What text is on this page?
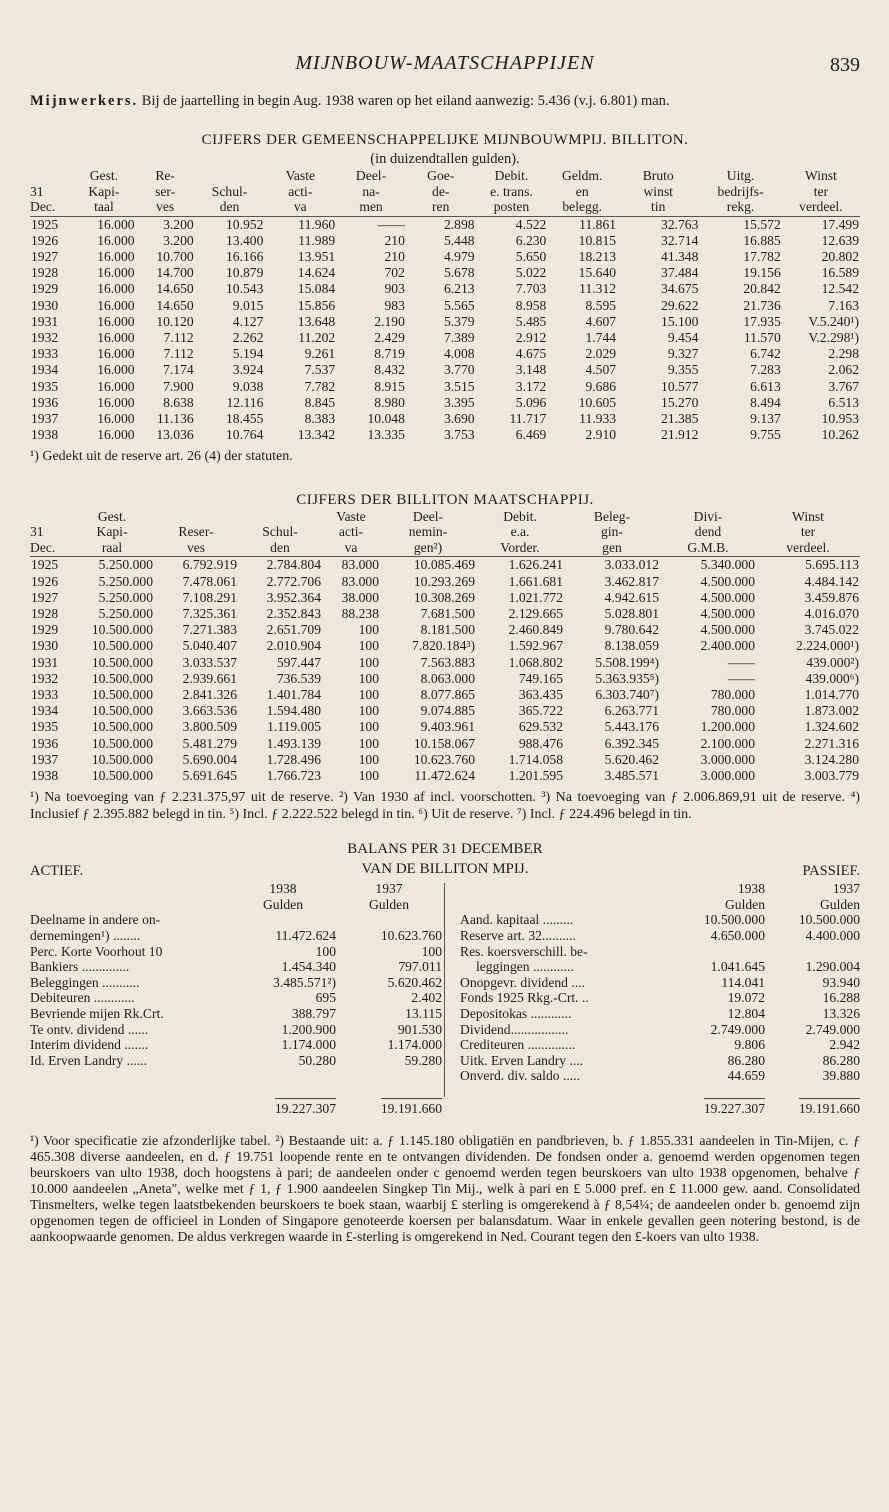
MIJNBOUW-MAATSCHAPPIJEN	839

Mijnwerkers. Bij de jaartelling in begin Aug. 1938 waren op het eiland aanwezig: 5.436 (v.j. 6.801) man.

CIJFERS DER GEMEENSCHAPPELIJKE MIJNBOUWMPIJ. BILLITON.
(in duizendtallen gulden).
	Gest.	Re-		Vaste	Deel-	Goe-	Debit.	Geldm.	Bruto	Uitg.	Winst
31	Kapi-	ser-	Schul-	acti-	na-	de-	e. trans.	en	winst	bedrijfs-	ter
Dec.	taal	ves	den	va	men	ren	posten	belegg.	tin	rekg.	verdeel.
1925	16.000	3.200	10.952	11.960	——	2.898	4.522	11.861	32.763	15.572	17.499
1926	16.000	3.200	13.400	11.989	210	5.448	6.230	10.815	32.714	16.885	12.639
1927	16.000	10.700	16.166	13.951	210	4.979	5.650	18.213	41.348	17.782	20.802
1928	16.000	14.700	10.879	14.624	702	5.678	5.022	15.640	37.484	19.156	16.589
1929	16.000	14.650	10.543	15.084	903	6.213	7.703	11.312	34.675	20.842	12.542
1930	16.000	14.650	9.015	15.856	983	5.565	8.958	8.595	29.622	21.736	7.163
1931	16.000	10.120	4.127	13.648	2.190	5.379	5.485	4.607	15.100	17.935	V.5.240¹)
1932	16.000	7.112	2.262	11.202	2.429	7.389	2.912	1.744	9.454	11.570	V.2.298¹)
1933	16.000	7.112	5.194	9.261	8.719	4.008	4.675	2.029	9.327	6.742	2.298
1934	16.000	7.174	3.924	7.537	8.432	3.770	3.148	4.507	9.355	7.283	2.062
1935	16.000	7.900	9.038	7.782	8.915	3.515	3.172	9.686	10.577	6.613	3.767
1936	16.000	8.638	12.116	8.845	8.980	3.395	5.096	10.605	15.270	8.494	6.513
1937	16.000	11.136	18.455	8.383	10.048	3.690	11.717	11.933	21.385	9.137	10.953
1938	16.000	13.036	10.764	13.342	13.335	3.753	6.469	2.910	21.912	9.755	10.262
¹) Gedekt uit de reserve art. 26 (4) der statuten.
CIJFERS DER BILLITON MAATSCHAPPIJ.
	Gest.			Vaste	Deel-	Debit.	Beleg-	Divi-	Winst
31	Kapi-	Reser-	Schul-	acti-	nemin-	e.a.	gin-	dend	ter
Dec.	raal	ves	den	va	gen²)	Vorder.	gen	G.M.B.	verdeel.
1925	5.250.000	6.792.919	2.784.804	83.000	10.085.469	1.626.241	3.033.012	5.340.000	5.695.113
1926	5.250.000	7.478.061	2.772.706	83.000	10.293.269	1.661.681	3.462.817	4.500.000	4.484.142
1927	5.250.000	7.108.291	3.952.364	38.000	10.308.269	1.021.772	4.942.615	4.500.000	3.459.876
1928	5.250.000	7.325.361	2.352.843	88.238	7.681.500	2.129.665	5.028.801	4.500.000	4.016.070
1929	10.500.000	7.271.383	2.651.709	100	8.181.500	2.460.849	9.780.642	4.500.000	3.745.022
1930	10.500.000	5.040.407	2.010.904	100	7.820.184³)	1.592.967	8.138.059	2.400.000	2.224.000¹)
1931	10.500.000	3.033.537	597.447	100	7.563.883	1.068.802	5.508.199⁴)	——	439.000²)
1932	10.500.000	2.939.661	736.539	100	8.063.000	749.165	5.363.935⁵)	——	439.000⁶)
1933	10.500.000	2.841.326	1.401.784	100	8.077.865	363.435	6.303.740⁷)	780.000	1.014.770
1934	10.500.000	3.663.536	1.594.480	100	9.074.885	365.722	6.263.771	780.000	1.873.002
1935	10.500.000	3.800.509	1.119.005	100	9.403.961	629.532	5.443.176	1.200.000	1.324.602
1936	10.500.000	5.481.279	1.493.139	100	10.158.067	988.476	6.392.345	2.100.000	2.271.316
1937	10.500.000	5.690.004	1.728.496	100	10.623.760	1.714.058	5.620.462	3.000.000	3.124.280
1938	10.500.000	5.691.645	1.766.723	100	11.472.624	1.201.595	3.485.571	3.000.000	3.003.779
¹) Na toevoeging van ƒ 2.231.375,97 uit de reserve. ²) Van 1930 af incl. voorschotten. ³) Na toevoeging van ƒ 2.006.869,91 uit de reserve. ⁴) Inclusief ƒ 2.395.882 belegd in tin. ⁵) Incl. ƒ 2.222.522 belegd in tin. ⁶) Uit de reserve. ⁷) Incl. ƒ 224.496 belegd in tin.
BALANS PER 31 DECEMBER
VAN DE BILLITON MPIJ.
ACTIEF.	PASSIEF.
	1938	1937
	Gulden	Gulden
Deelname in andere on-		
dernemingen¹) ........	11.472.624	10.623.760
Perc. Korte Voorhout 10	100	100
Bankiers ..............	1.454.340	797.011
Beleggingen ...........	3.485.571²)	5.620.462
Debiteuren ............	695	2.402
Bevriende mijen Rk.Crt.	388.797	13.115
Te ontv. dividend ......	1.200.900	901.530
Interim dividend .......	1.174.000	1.174.000
Id. Erven Landry ......	50.280	59.280

	19.227.307	19.191.660
	1938	1937
	Gulden	Gulden
Aand. kapitaal .........	10.500.000	10.500.000
Reserve art. 32..........	4.650.000	4.400.000
Res. koersverschill. be-		
leggingen ............	1.041.645	1.290.004
Onopgevr. dividend ....	114.041	93.940
Fonds 1925 Rkg.-Crt. ..	19.072	16.288
Depositokas ............	12.804	13.326
Dividend.................	2.749.000	2.749.000
Crediteuren ..............	9.806	2.942
Uitk. Erven Landry ....	86.280	86.280
Onverd. div. saldo .....	44.659	39.880

	19.227.307	19.191.660
¹) Voor specificatie zie afzonderlijke tabel. ²) Bestaande uit: a. ƒ 1.145.180 obligatiën en pandbrieven, b. ƒ 1.855.331 aandeelen in Tin-Mijen, c. ƒ 465.308 diverse aandeelen, en d. ƒ 19.751 loopende rente en te ontvangen dividenden. De fondsen onder a. genoemd werden opgenomen tegen beurskoers van ulto 1938, doch hoogstens à pari; de aandeelen onder c genoemd werden tegen beurskoers van ulto 1938 opgenomen, behalve ƒ 10.000 aandeelen „Aneta", welke met ƒ 1, ƒ 1.900 aandeelen Singkep Tin Mij., welk à pari en £ 5.000 pref. en £ 11.000 gew. aand. Consolidated Tinsmelters, welke tegen laatstbekenden beurskoers te boek staan, waarbij £ sterling is omgerekend à ƒ 8,54¼; de aandeelen onder b. genoemd zijn opgenomen tegen de officieel in Londen of Singapore genoteerde koersen per balansdatum. Waar in enkele gevallen geen notering bestond, is de aankoopwaarde genomen. De aldus verkregen waarde in £-sterling is omgerekend in Ned. Courant tegen den £-koers van ulto 1938.
